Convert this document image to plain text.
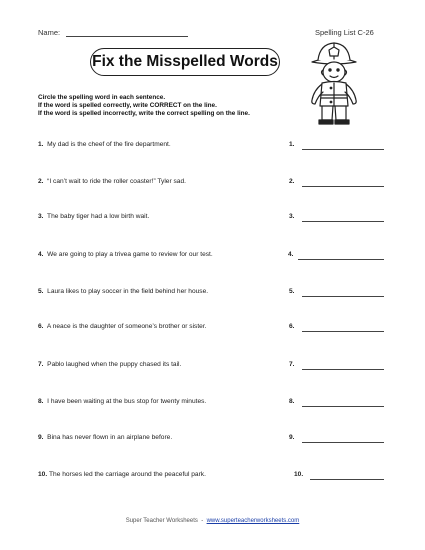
Name:	Spelling List C-26
Fix the Misspelled Words
Circle the spelling word in each sentence.
If the word is spelled correctly, write CORRECT on the line.
If the word is spelled incorrectly, write the correct spelling on the line.
1. My dad is the cheef of the fire department.	1.
2. “I can’t wait to ride the roller coaster!” Tyler sad.	2.
3. The baby tiger had a low birth wait.	3.
4. We are going to play a trivea game to review for our test.	4.
5. Laura likes to play soccer in the field behind her house.	5.
6. A neace is the daughter of someone’s brother or sister.	6.
7. Pablo laughed when the puppy chased its tail.	7.
8. I have been waiting at the bus stop for twenty minutes.	8.
9. Bina has never flown in an airplane before.	9.
10. The horses led the carriage around the peaceful park.	10.
Super Teacher Worksheets - www.superteacherworksheets.com
